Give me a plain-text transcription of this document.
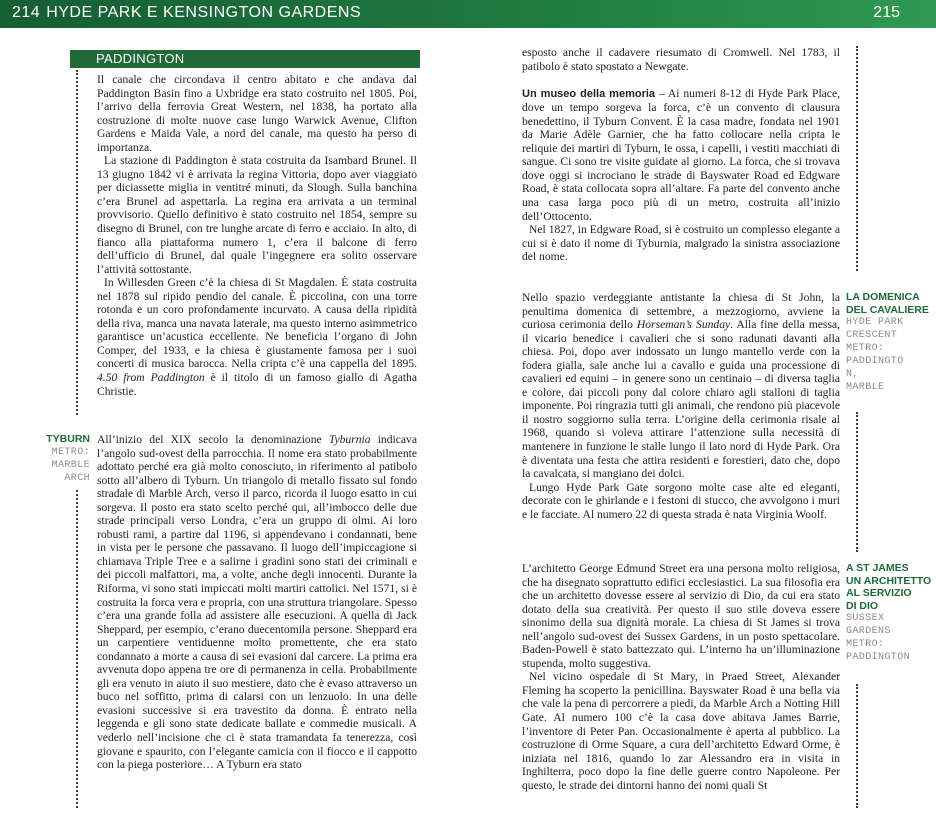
214 HYDE PARK E KENSINGTON GARDENS	215
PADDINGTON

Il canale che circondava il centro abitato e che andava dal Paddington Basin fino a Uxbridge era stato costruito nel 1805. Poi, l’arrivo della ferrovia Great Western, nel 1838, ha portato alla costruzione di molte nuove case lungo Warwick Avenue, Clifton Gardens e Maida Vale, a nord del canale, ma questo ha perso di importanza.

La stazione di Paddington è stata costruita da Isambard Brunel. Il 13 giugno 1842 vi è arrivata la regina Vittoria, dopo aver viaggiato per diciassette miglia in ventitré minuti, da Slough. Sulla banchina c’era Brunel ad aspettarla. La regina era arrivata a un terminal provvisorio. Quello definitivo è stato costruito nel 1854, sempre su disegno di Brunel, con tre lunghe arcate di ferro e acciaio. In alto, di fianco alla piattaforma numero 1, c’era il balcone di ferro dell’ufficio di Brunel, dal quale l’ingegnere era solito osservare l’attività sottostante.

In Willesden Green c’è la chiesa di St Magdalen. È stata costruita nel 1878 sul ripido pendio del canale. È piccolina, con una torre rotonda e un coro profondamente incurvato. A causa della ripidità della riva, manca una navata laterale, ma questo interno asimmetrico garantisce un’acustica eccellente. Ne beneficia l’organo di John Comper, del 1933, e la chiesa è giustamente famosa per i suoi concerti di musica barocca. Nella cripta c’è una cappella del 1895. 4.50 from Paddington è il titolo di un famoso giallo di Agatha Christie.

TYBURN
METRO:
MARBLE
ARCH

All’inizio del XIX secolo la denominazione Tyburnia indicava l’angolo sud-ovest della parrocchia. Il nome era stato probabilmente adottato perché era già molto conosciuto, in riferimento al patibolo sotto all’albero di Tyburn. Un triangolo di metallo fissato sul fondo stradale di Marble Arch, verso il parco, ricorda il luogo esatto in cui sorgeva. Il posto era stato scelto perché qui, all’imbocco delle due strade principali verso Londra, c’era un gruppo di olmi. Ai loro robusti rami, a partire dal 1196, si appendevano i condannati, bene in vista per le persone che passavano. Il luogo dell’impiccagione si chiamava Triple Tree e a salirne i gradini sono stati dei criminali e dei piccoli malfattori, ma, a volte, anche degli innocenti. Durante la Riforma, vi sono stati impiccati molti martiri cattolici. Nel 1571, si è costruita la forca vera e propria, con una struttura triangolare. Spesso c’era una grande folla ad assistere alle esecuzioni. A quella di Jack Sheppard, per esempio, c’erano duecentomila persone. Sheppard era un carpentiere ventiduenne molto promettente, che era stato condannato a morte a causa di sei evasioni dal carcere. La prima era avvenuta dopo appena tre ore di permanenza in cella. Probabilmente gli era venuto in aiuto il suo mestiere, dato che è evaso attraverso un buco nel soffitto, prima di calarsi con un lenzuolo. In una delle evasioni successive si era travestito da donna. È entrato nella leggenda e gli sono state dedicate ballate e commedie musicali. A vederlo nell’incisione che ci è stata tramandata fa tenerezza, così giovane e spaurito, con l’elegante camicia con il fiocco e il cappotto con la piega posteriore… A Tyburn era stato

esposto anche il cadavere riesumato di Cromwell. Nel 1783, il patibolo è stato spostato a Newgate.

Un museo della memoria – Ai numeri 8-12 di Hyde Park Place, dove un tempo sorgeva la forca, c’è un convento di clausura benedettino, il Tyburn Convent. È la casa madre, fondata nel 1901 da Marie Adèle Garnier, che ha fatto collocare nella cripta le reliquie dei martiri di Tyburn, le ossa, i capelli, i vestiti macchiati di sangue. Ci sono tre visite guidate al giorno. La forca, che si trovava dove oggi si incrociano le strade di Bayswater Road ed Edgware Road, è stata collocata sopra all’altare. Fa parte del convento anche una casa larga poco più di un metro, costruita all’inizio dell’Ottocento.

Nel 1827, in Edgware Road, si è costruito un complesso elegante a cui si è dato il nome di Tyburnia, malgrado la sinistra associazione del nome.

LA DOMENICA
DEL CAVALIERE
HYDE PARK
CRESCENT
METRO:
PADDINGTO
N,
MARBLE

Nello spazio verdeggiante antistante la chiesa di St John, la penultima domenica di settembre, a mezzogiorno, avviene la curiosa cerimonia dello Horseman’s Sunday. Alla fine della messa, il vicario benedice i cavalieri che si sono radunati davanti alla chiesa. Poi, dopo aver indossato un lungo mantello verde con la fodera gialla, sale anche lui a cavallo e guida una processione di cavalieri ed equini – in genere sono un centinaio – di diversa taglia e colore, dai piccoli pony dal colore chiaro agli stalloni di taglia imponente. Poi ringrazia tutti gli animali, che rendono più piacevole il nostro soggiorno sulla terra. L’origine della cerimonia risale al 1968, quando si voleva attirare l’attenzione sulla necessità di mantenere in funzione le stalle lungo il lato nord di Hyde Park. Ora è diventata una festa che attira residenti e forestieri, dato che, dopo la cavalcata, si mangiano dei dolci.

Lungo Hyde Park Gate sorgono molte case alte ed eleganti, decorate con le ghirlande e i festoni di stucco, che avvolgono i muri e le facciate. Al numero 22 di questa strada è nata Virginia Woolf.

A ST JAMES
UN ARCHITETTO
AL SERVIZIO
DI DIO
SUSSEX
GARDENS
METRO:
PADDINGTON

L’architetto George Edmund Street era una persona molto religiosa, che ha disegnato soprattutto edifici ecclesiastici. La sua filosofia era che un architetto dovesse essere al servizio di Dio, da cui era stato dotato della sua creatività. Per questo il suo stile doveva essere sinonimo della sua dignità morale. La chiesa di St James si trova nell’angolo sud-ovest dei Sussex Gardens, in un posto spettacolare. Baden-Powell è stato battezzato qui. L’interno ha un’illuminazione stupenda, molto suggestiva.

Nel vicino ospedale di St Mary, in Praed Street, Alexander Fleming ha scoperto la penicillina. Bayswater Road è una bella via che vale la pena di percorrere a piedi, da Marble Arch a Notting Hill Gate. Al numero 100 c’è la casa dove abitava James Barrie, l’inventore di Peter Pan. Occasionalmente è aperta al pubblico. La costruzione di Orme Square, a cura dell’architetto Edward Orme, è iniziata nel 1816, quando lo zar Alessandro era in visita in Inghilterra, poco dopo la fine delle guerre contro Napoleone. Per questo, le strade dei dintorni hanno dei nomi quali St
